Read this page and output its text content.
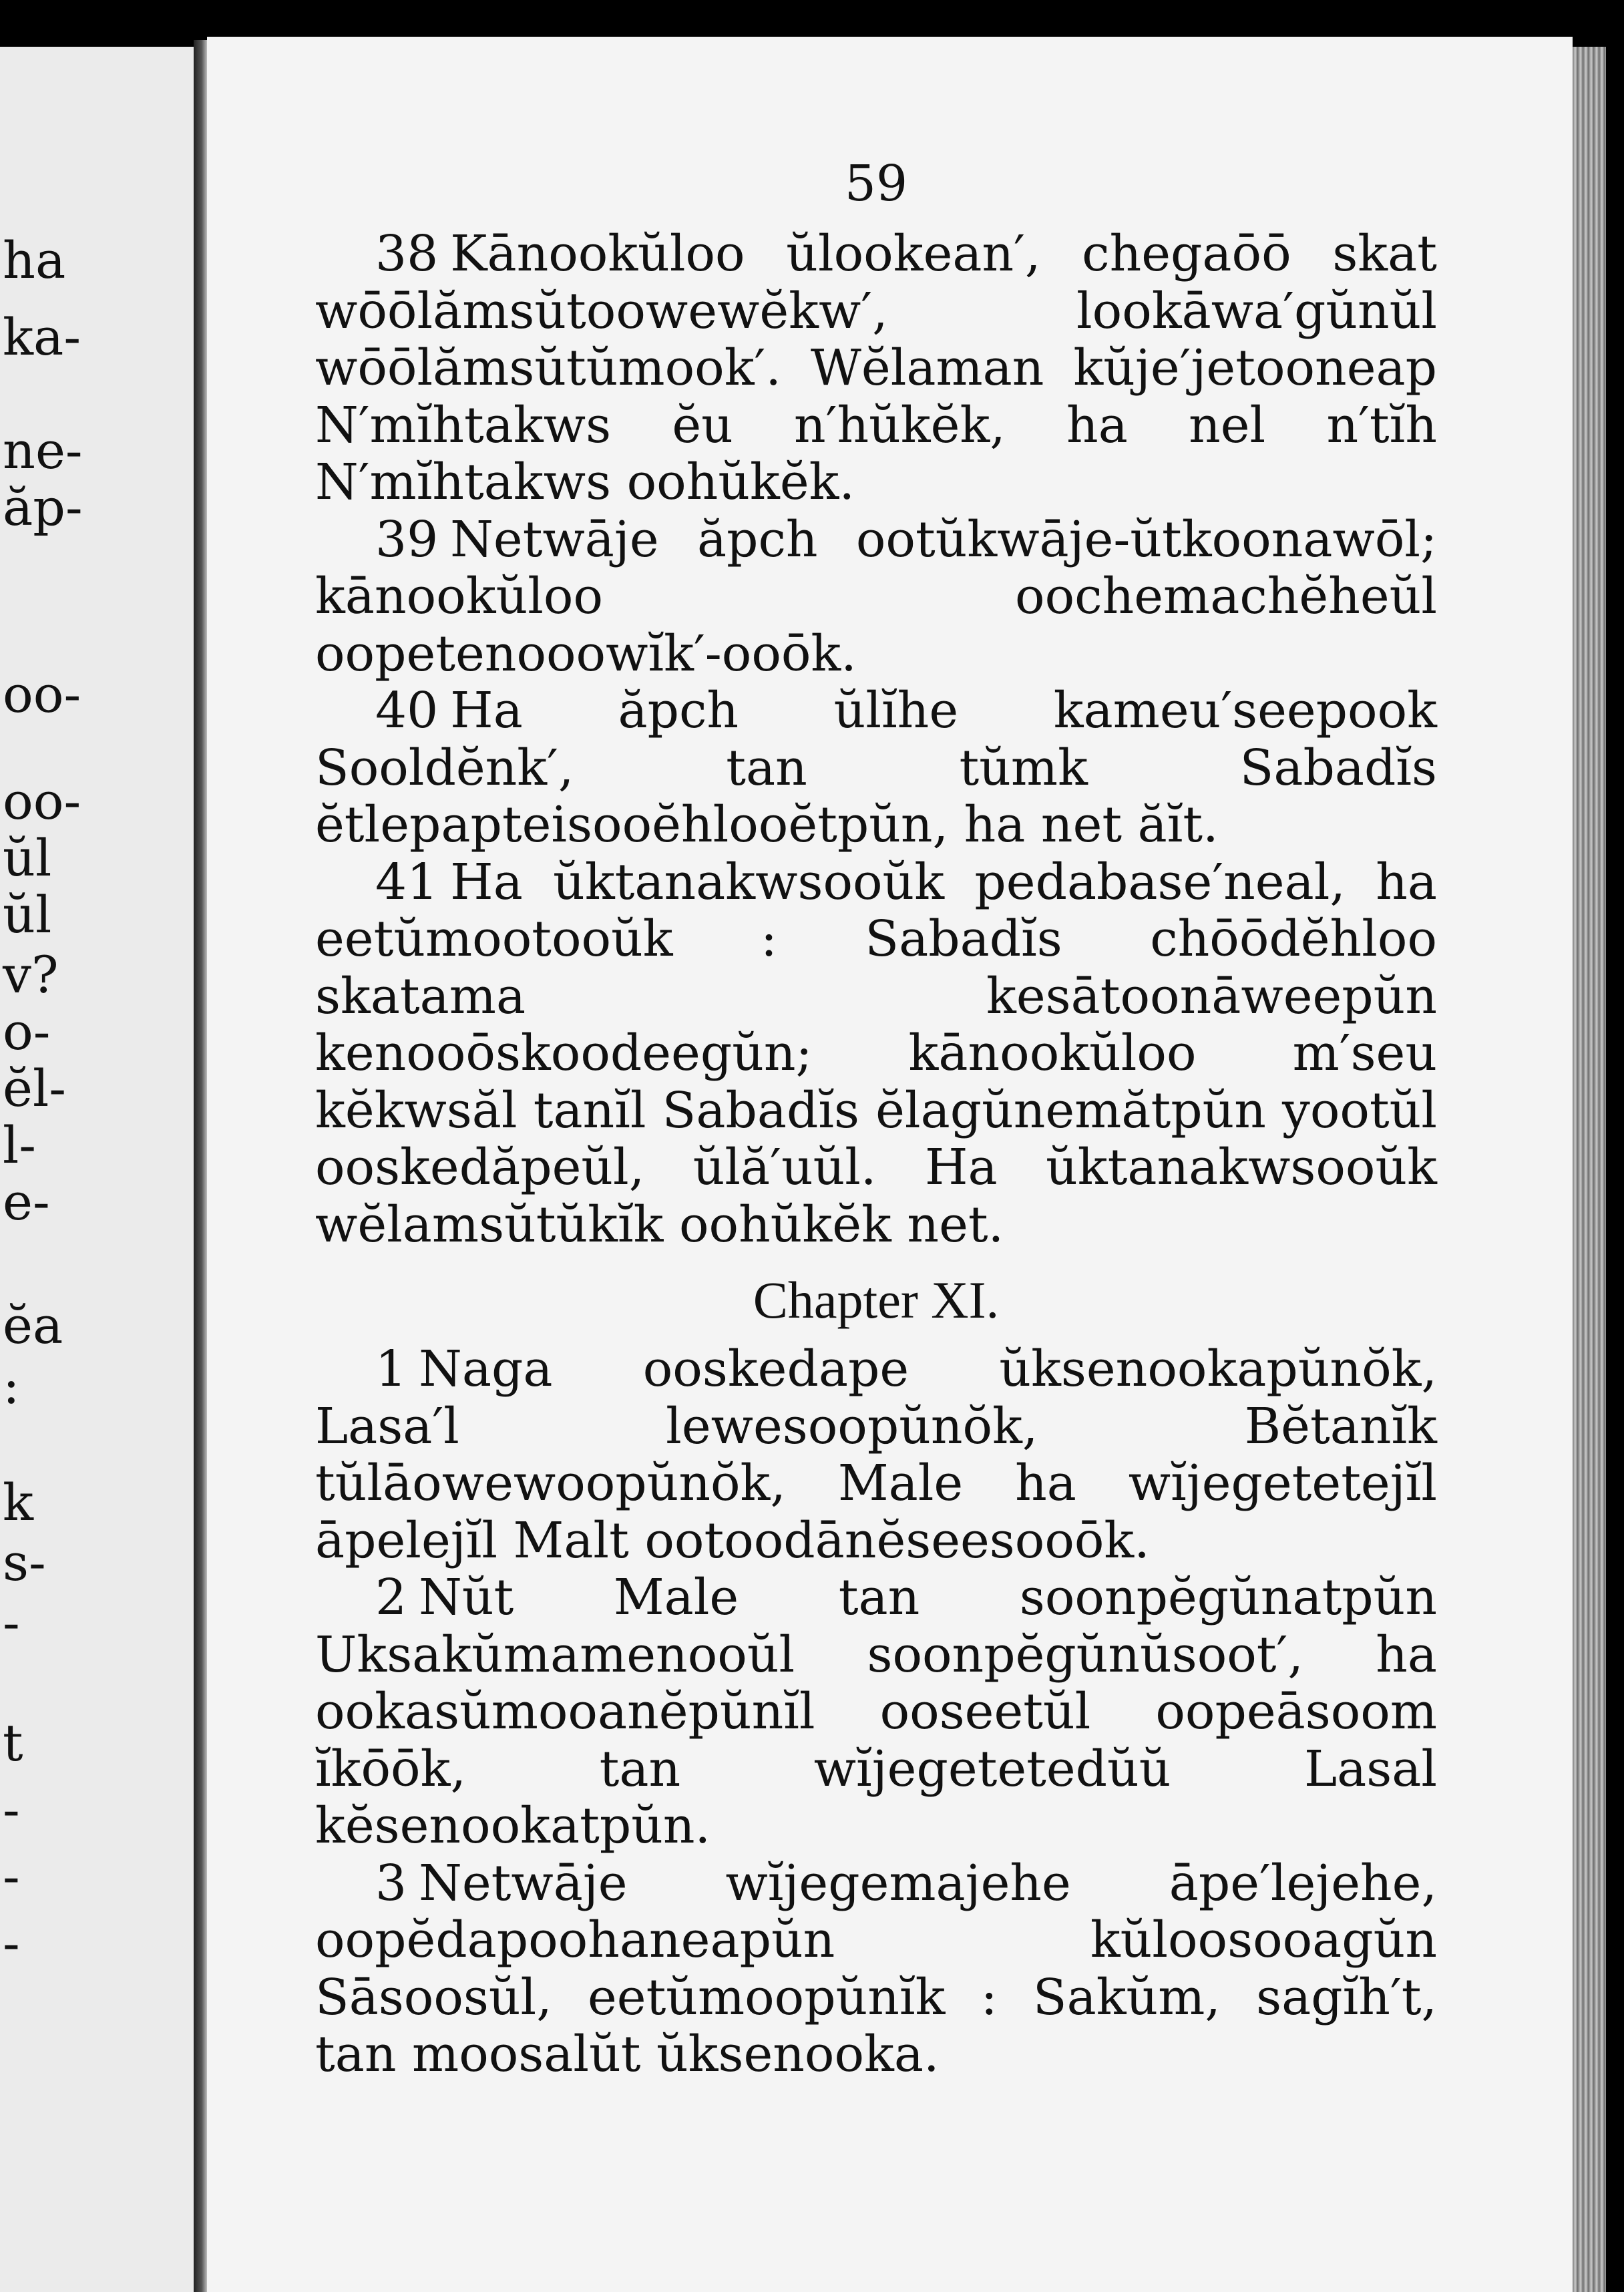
ha
ka-
ne-
ăp-
oo-
oo-
ŭl
ŭl
v?
o-
ĕl-
l-
e-
ĕa
:
k
s-
-
t
-
-
-
59

38 Kānookŭloo ŭlookean′, chegaōō skat wōōlămsŭtoowewĕkw′, lookāwa′gŭnŭl wōōlămsŭtŭmook′. Wĕlaman kŭje′jetooneap N′mĭhtakws ĕu n′hŭkĕk, ha nel n′tĭh N′mĭhtakws oohŭkĕk.

39 Netwāje ăpch ootŭkwāje-ŭtkoonawōl; kānookŭloo oochemachĕheŭl oopetenooowĭk′-ooōk.

40 Ha ăpch ŭlĭhe kameu′seepook Sooldĕnk′, tan tŭmk Sabadĭs ĕtlepapteisooĕhlooĕtpŭn, ha net ăĭt.

41 Ha ŭktanakwsooŭk pedabase′neal, ha eetŭmootooŭk : Sabadĭs chōōdĕhloo skatama kesātoonāweepŭn kenooōskoodeegŭn; kānookŭloo m′seu kĕkwsăl tanĭl Sabadĭs ĕlagŭnemătpŭn yootŭl ooskedăpeŭl, ŭlă′uŭl. Ha ŭktanakwsooŭk wĕlamsŭtŭkĭk oohŭkĕk net.

Chapter XI.

1 Naga ooskedape ŭksenookapŭnŏk, Lasa′l lewesoopŭnŏk, Bĕtanĭk tŭlāowewoopŭnŏk, Male ha wĭjegetetejĭl āpelejĭl Malt ootoodānĕseesooōk.

2 Nŭt Male tan soonpĕgŭnatpŭn Uksakŭmamenooŭl soonpĕgŭnŭsoot′, ha ookasŭmooanĕpŭnĭl ooseetŭl oopeāsoom ĭkōōk, tan wĭjegetetedŭŭ Lasal kĕsenookatpŭn.

3 Netwāje wĭjegemajehe āpe′lejehe, oopĕdapoohaneapŭn kŭloosooagŭn Sāsoosŭl, eetŭmoopŭnĭk : Sakŭm, sagĭh′t, tan moosalŭt ŭksenooka.
